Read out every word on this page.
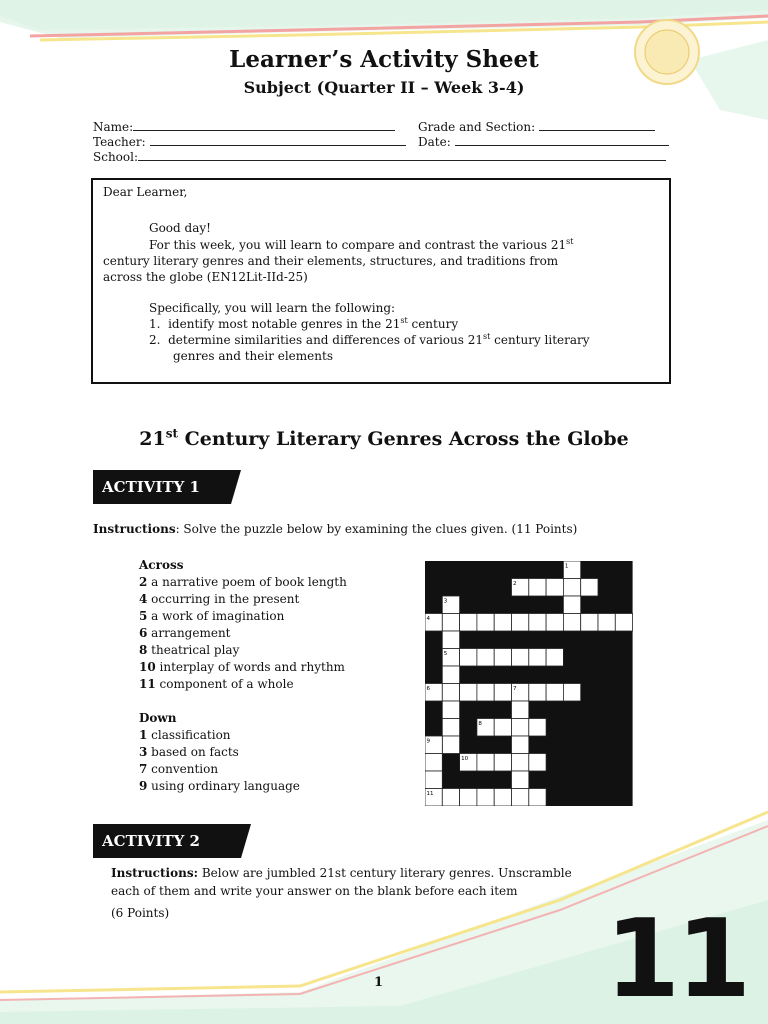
Learner’s Activity Sheet
Subject (Quarter II – Week 3-4)
Name:	Grade and Section:
Teacher:	Date:
School:

Dear Learner,

Good day!

For this week, you will learn to compare and contrast the various 21st

century literary genres and their elements, structures, and traditions from

across the globe (EN12Lit-IId-25)

Specifically, you will learn the following:

1. identify most notable genres in the 21st century

2. determine similarities and differences of various 21st century literary

genres and their elements

21st Century Literary Genres Across the Globe
ACTIVITY 1
Instructions: Solve the puzzle below by examining the clues given. (11 Points)
Across
2 a narrative poem of book length
4 occurring in the present
5 a work of imagination
6 arrangement
8 theatrical play
10 interplay of words and rhythm
11 component of a whole
Down
1 classification
3 based on facts
7 convention
9 using ordinary language
1
2
3
4
5
6	7
8
9
10
11
ACTIVITY 2
Instructions: Below are jumbled 21st century literary genres. Unscramble
each of them and write your answer on the blank before each item
(6 Points)
1 11
